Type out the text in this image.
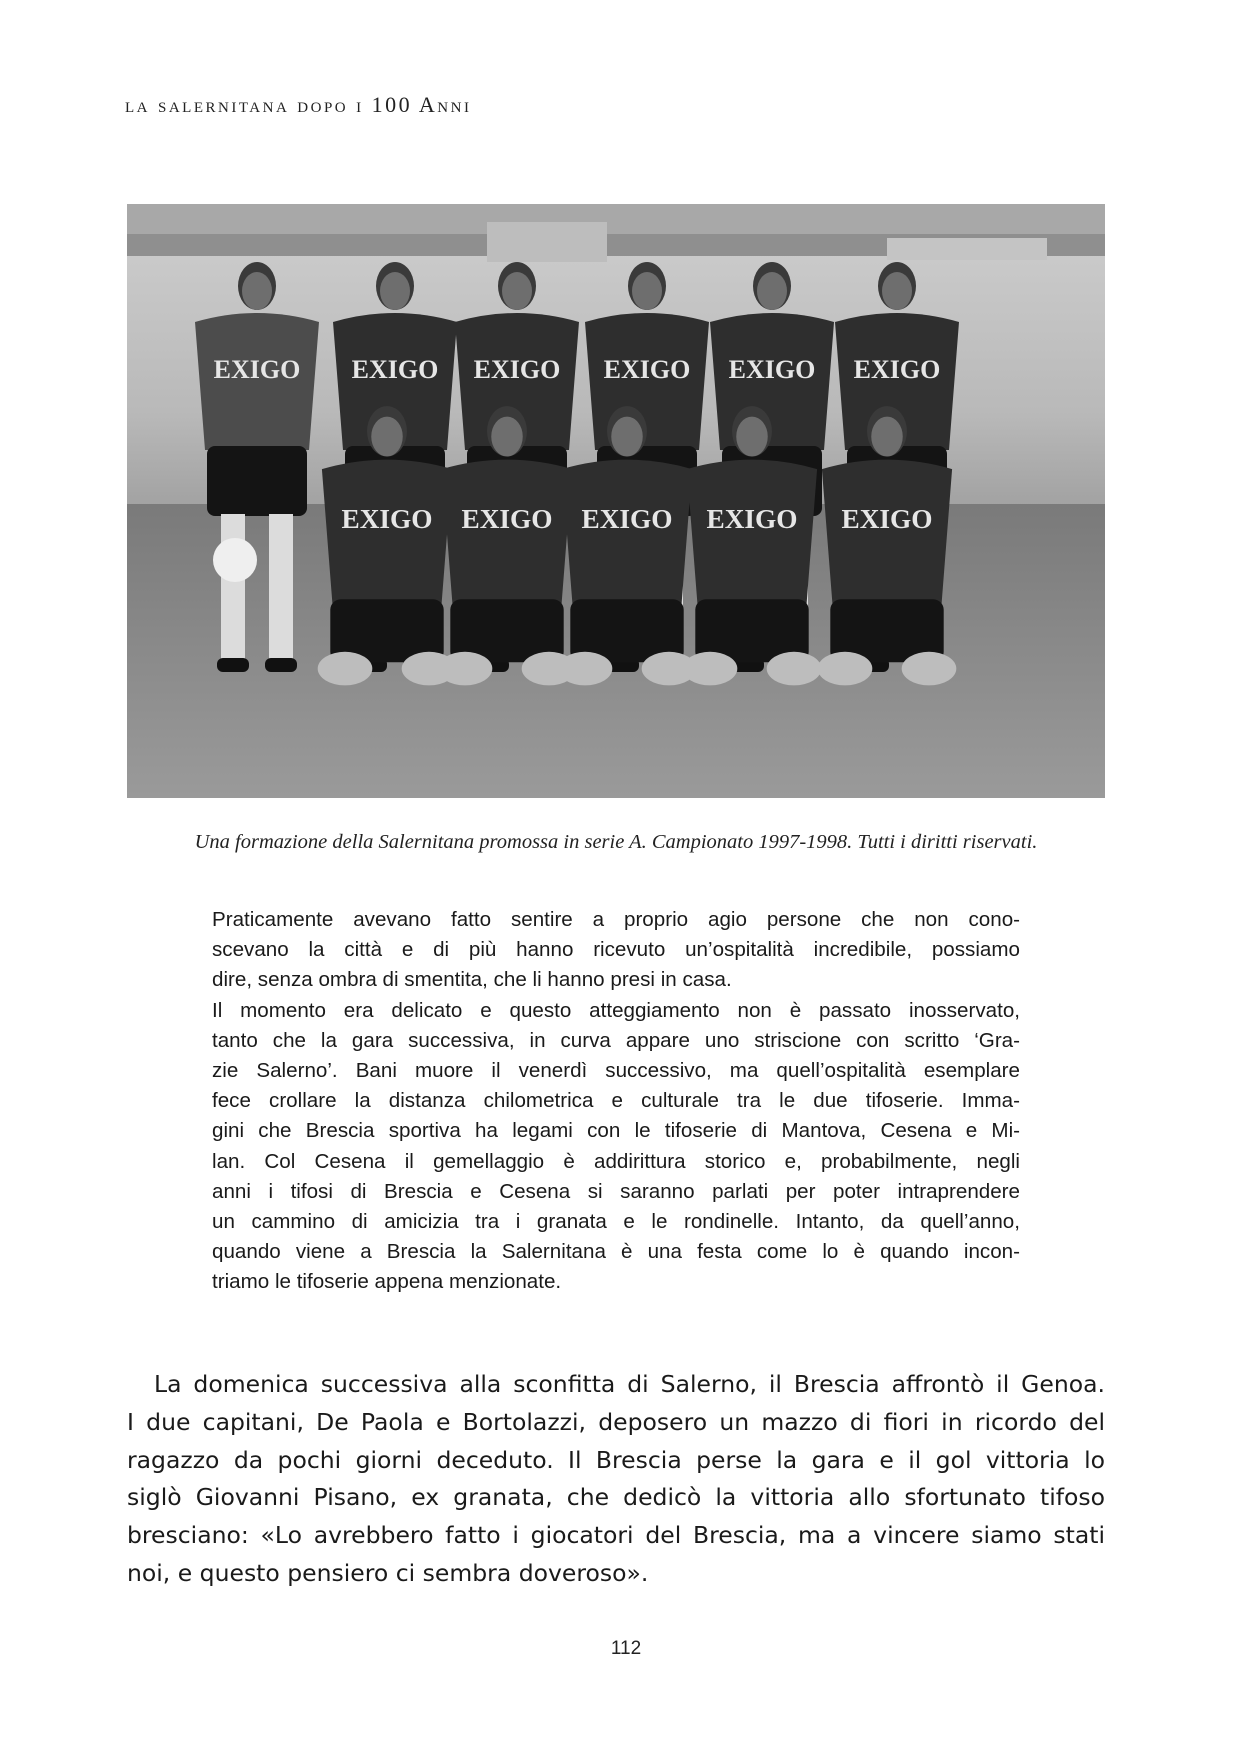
la salernitana dopo i 100 Anni
EXIGO EXIGO EXIGO EXIGO EXIGO EXIGO
EXIGO EXIGO EXIGO EXIGO EXIGO
Una formazione della Salernitana promossa in serie A. Campionato 1997-1998. Tutti i diritti riservati.
Praticamente avevano fatto sentire a proprio agio persone che non cono-
scevano la città e di più hanno ricevuto un’ospitalità incredibile, possiamo
dire, senza ombra di smentita, che li hanno presi in casa.
Il momento era delicato e questo atteggiamento non è passato inosservato,
tanto che la gara successiva, in curva appare uno striscione con scritto ‘Gra-
zie Salerno’. Bani muore il venerdì successivo, ma quell’ospitalità esemplare
fece crollare la distanza chilometrica e culturale tra le due tifoserie. Imma-
gini che Brescia sportiva ha legami con le tifoserie di Mantova, Cesena e Mi-
lan. Col Cesena il gemellaggio è addirittura storico e, probabilmente, negli
anni i tifosi di Brescia e Cesena si saranno parlati per poter intraprendere
un cammino di amicizia tra i granata e le rondinelle. Intanto, da quell’anno,
quando viene a Brescia la Salernitana è una festa come lo è quando incon-
triamo le tifoserie appena menzionate.
La domenica successiva alla sconfitta di Salerno, il Brescia affrontò il Genoa.
I due capitani, De Paola e Bortolazzi, deposero un mazzo di fiori in ricordo del
ragazzo da pochi giorni deceduto. Il Brescia perse la gara e il gol vittoria lo
siglò Giovanni Pisano, ex granata, che dedicò la vittoria allo sfortunato tifoso
bresciano: «Lo avrebbero fatto i giocatori del Brescia, ma a vincere siamo stati
noi, e questo pensiero ci sembra doveroso».
112
